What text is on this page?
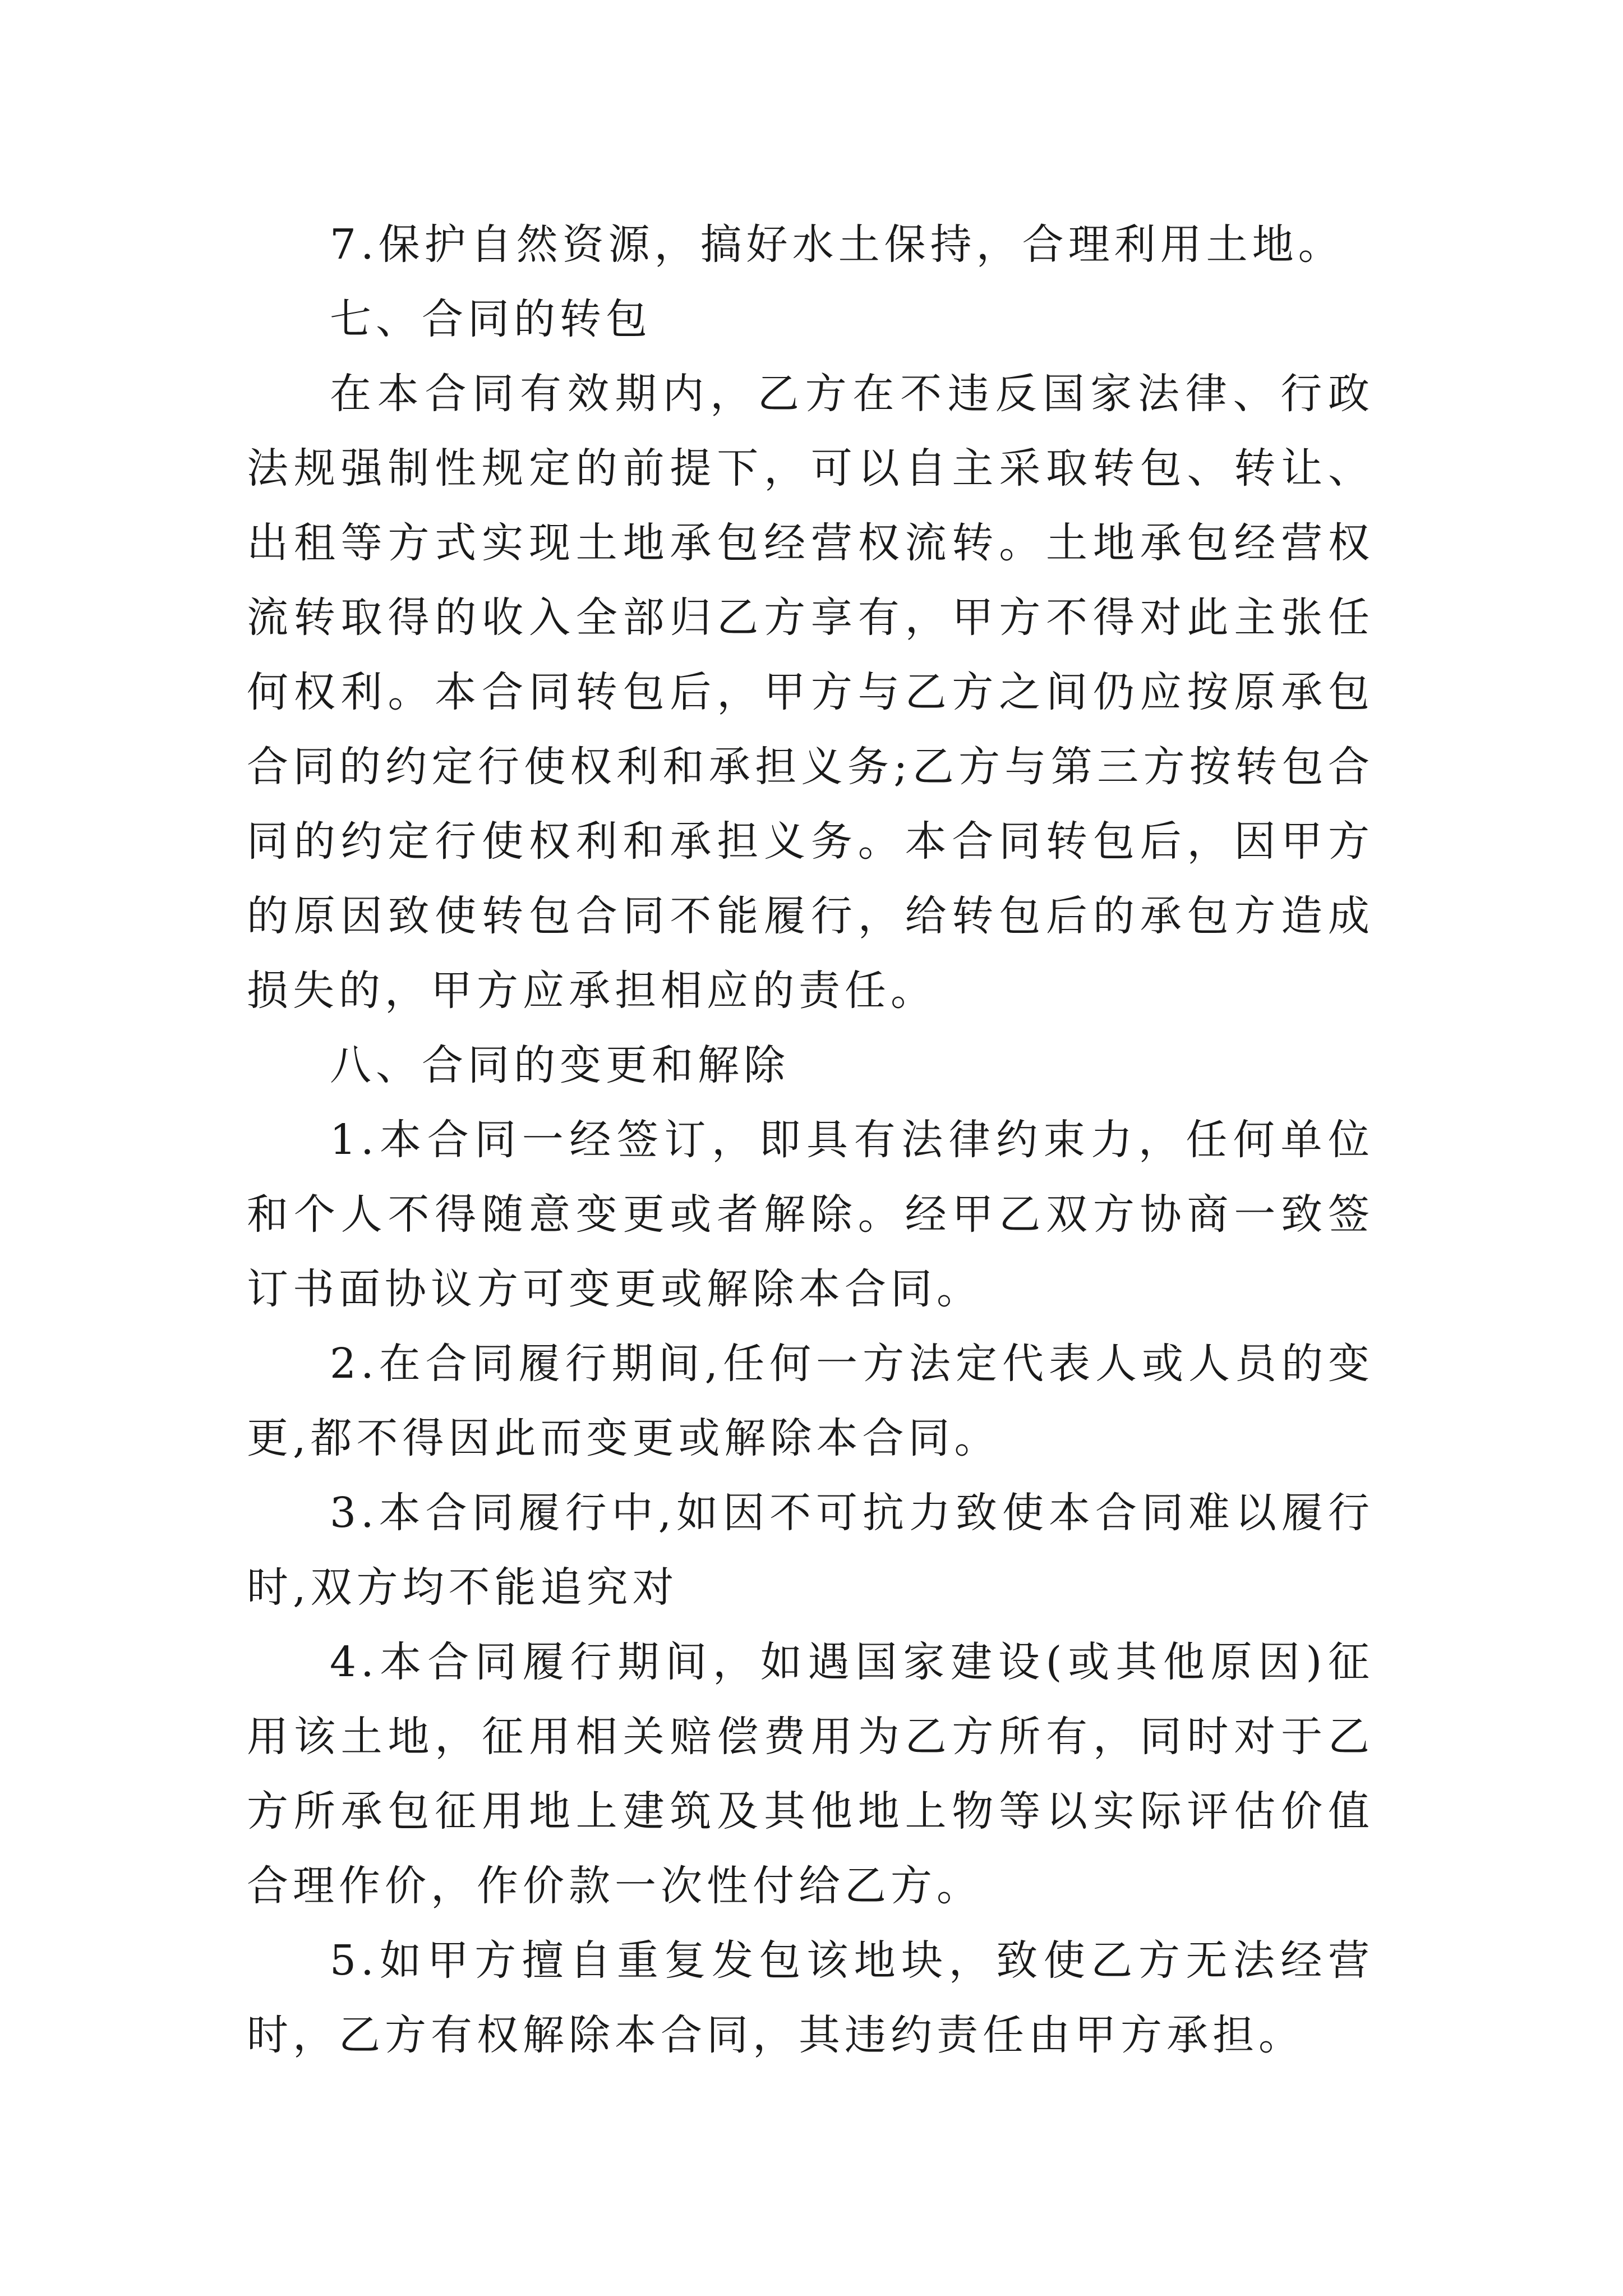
7.保护自然资源，搞好水土保持，合理利用土地。

七、合同的转包

在本合同有效期内，乙方在不违反国家法律、行政法规强制性规定的前提下，可以自主采取转包、转让、出租等方式实现土地承包经营权流转。土地承包经营权流转取得的收入全部归乙方享有，甲方不得对此主张任何权利。本合同转包后，甲方与乙方之间仍应按原承包合同的约定行使权利和承担义务;乙方与第三方按转包合同的约定行使权利和承担义务。本合同转包后，因甲方的原因致使转包合同不能履行，给转包后的承包方造成损失的，甲方应承担相应的责任。

八、合同的变更和解除

1.本合同一经签订，即具有法律约束力，任何单位和个人不得随意变更或者解除。经甲乙双方协商一致签订书面协议方可变更或解除本合同。

2.在合同履行期间,任何一方法定代表人或人员的变更,都不得因此而变更或解除本合同。

3.本合同履行中,如因不可抗力致使本合同难以履行时,双方均不能追究对

4.本合同履行期间，如遇国家建设(或其他原因)征用该土地，征用相关赔偿费用为乙方所有，同时对于乙方所承包征用地上建筑及其他地上物等以实际评估价值合理作价，作价款一次性付给乙方。

5.如甲方擅自重复发包该地块，致使乙方无法经营时，乙方有权解除本合同，其违约责任由甲方承担。
